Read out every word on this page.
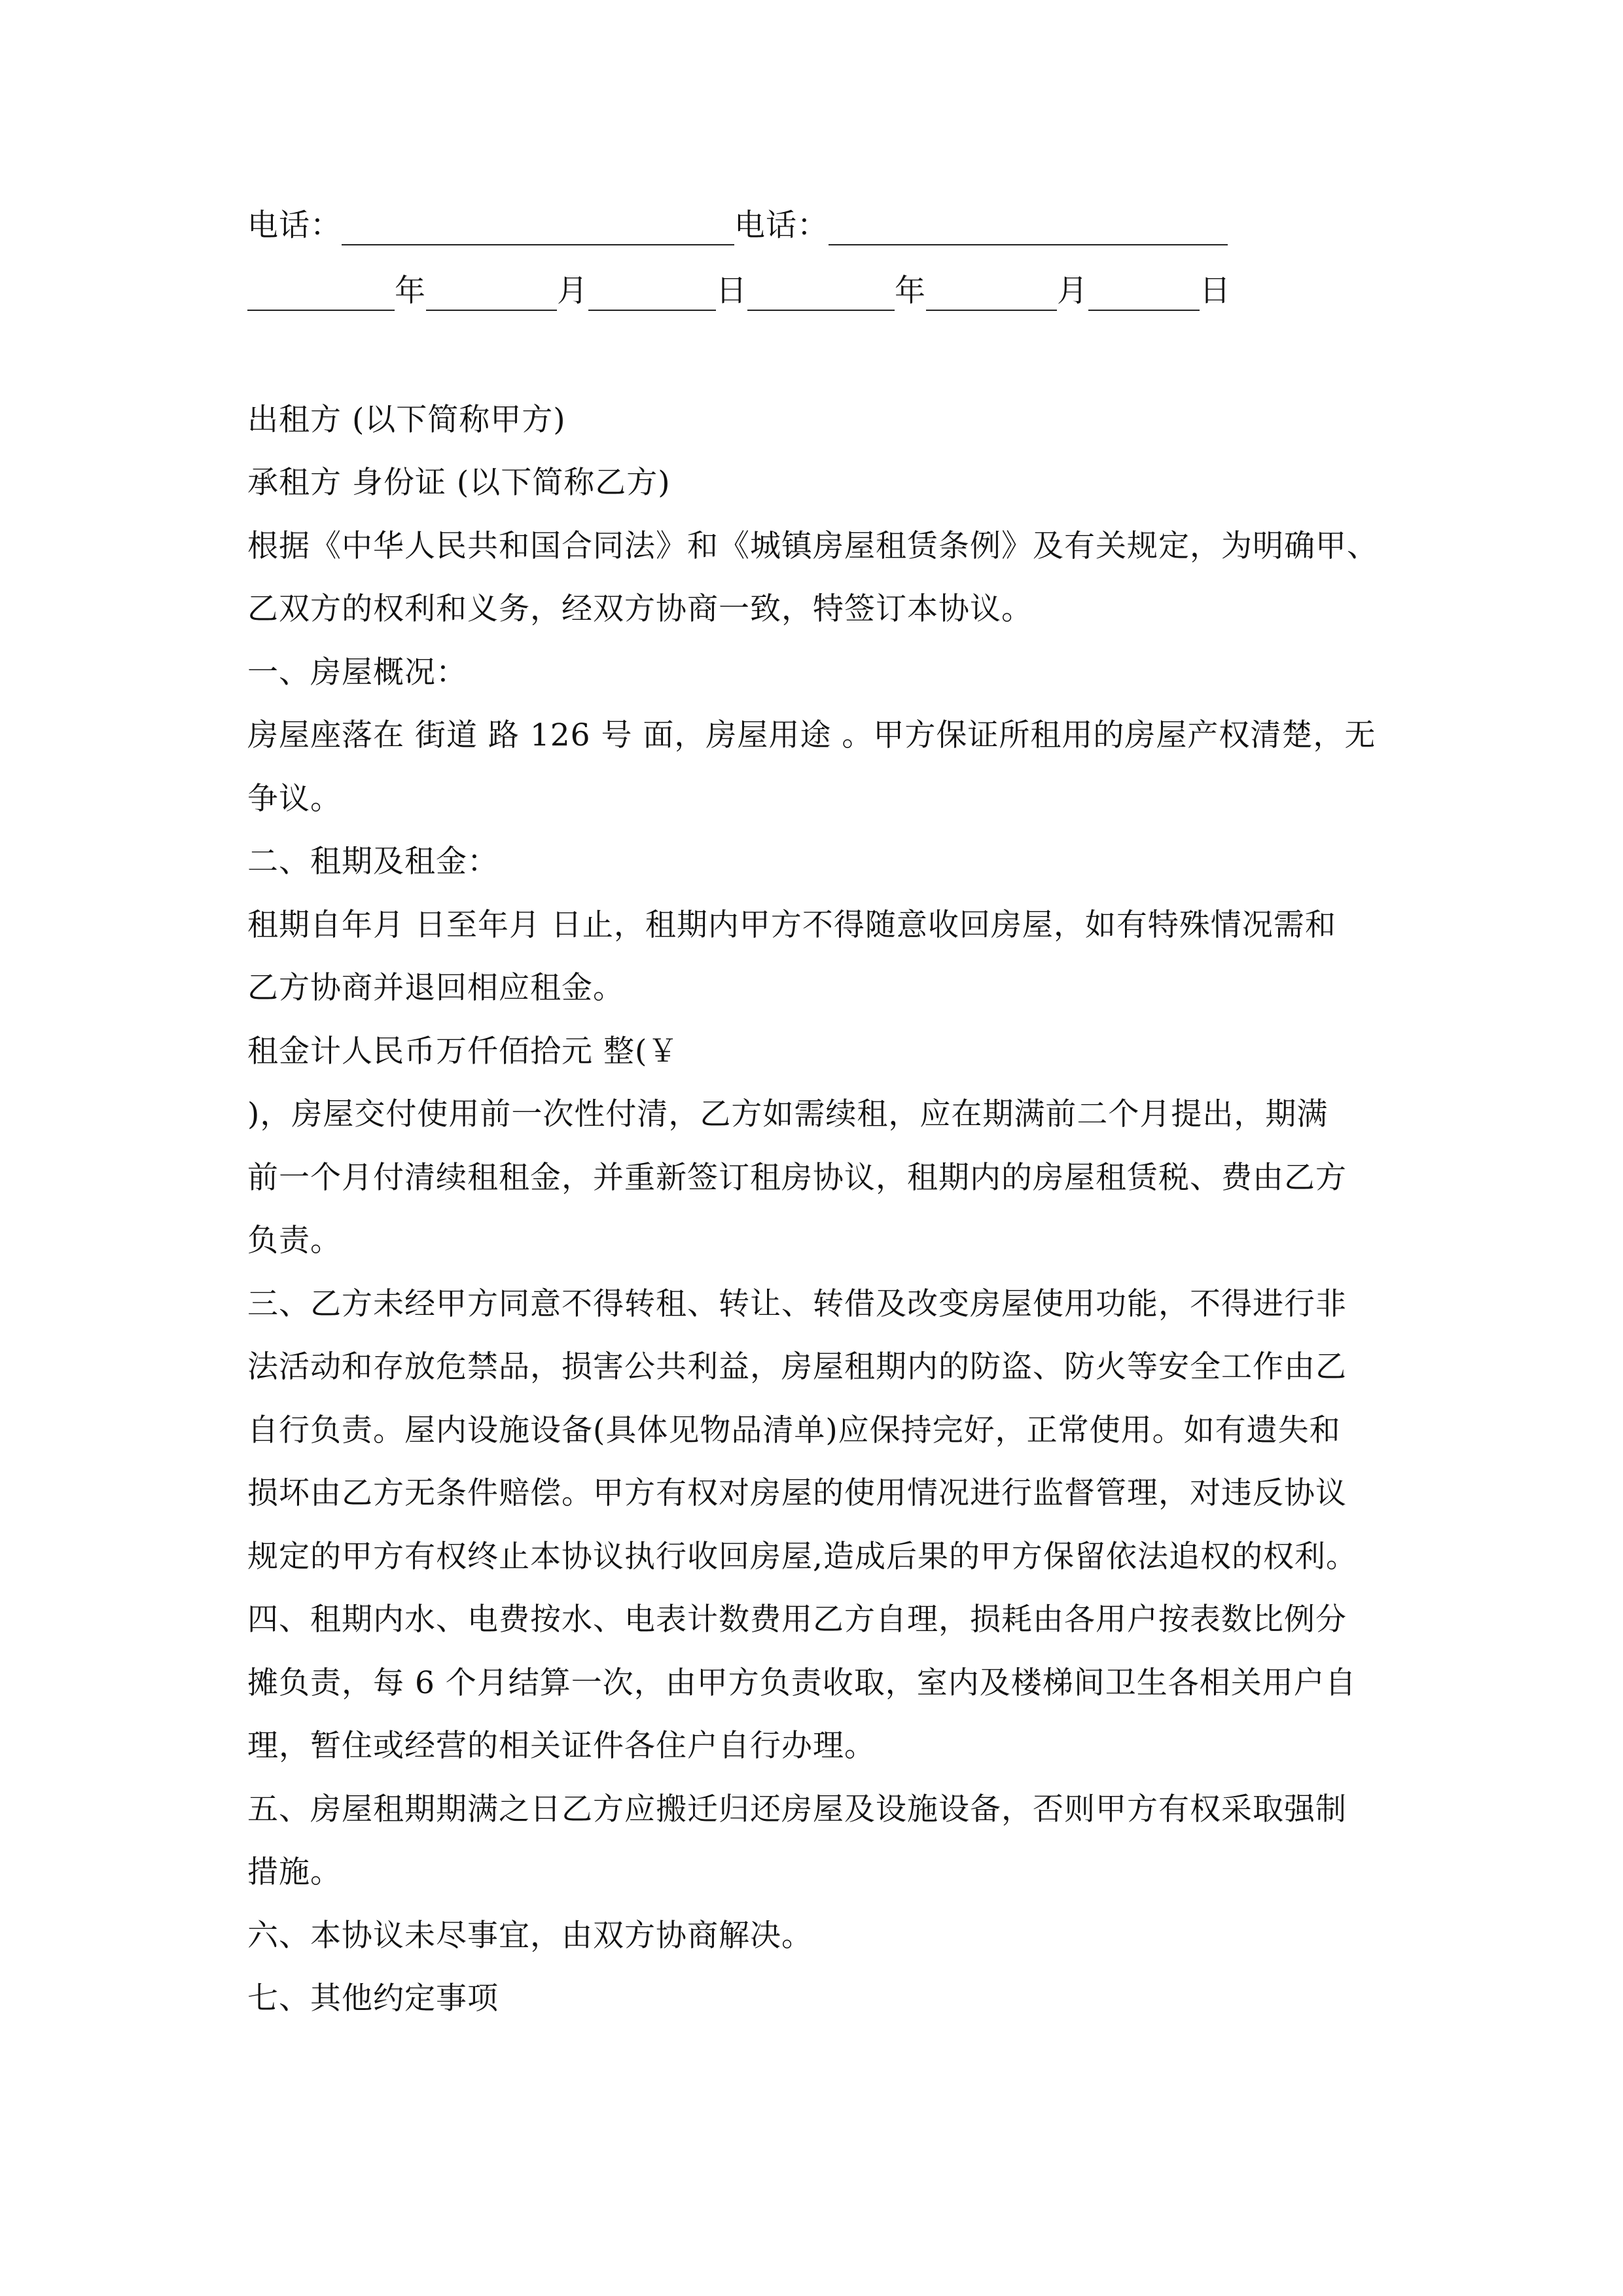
电话：	电话：
年	月	日	年	月	日
出租方 (以下简称甲方)
承租方 身份证 (以下简称乙方)
根据《中华人民共和国合同法》和《城镇房屋租赁条例》及有关规定，为明确甲、
乙双方的权利和义务，经双方协商一致，特签订本协议。
一、房屋概况：
房屋座落在 街道 路 126 号 面，房屋用途 。甲方保证所租用的房屋产权清楚，无
争议。
二、租期及租金：
租期自年月 日至年月 日止，租期内甲方不得随意收回房屋，如有特殊情况需和
乙方协商并退回相应租金。
租金计人民币万仟佰拾元 整(￥
)，房屋交付使用前一次性付清，乙方如需续租，应在期满前二个月提出，期满
前一个月付清续租租金，并重新签订租房协议，租期内的房屋租赁税、费由乙方
负责。
三、乙方未经甲方同意不得转租、转让、转借及改变房屋使用功能，不得进行非
法活动和存放危禁品，损害公共利益，房屋租期内的防盗、防火等安全工作由乙
自行负责。屋内设施设备(具体见物品清单)应保持完好，正常使用。如有遗失和
损坏由乙方无条件赔偿。甲方有权对房屋的使用情况进行监督管理，对违反协议
规定的甲方有权终止本协议执行收回房屋,造成后果的甲方保留依法追权的权利。
四、租期内水、电费按水、电表计数费用乙方自理，损耗由各用户按表数比例分
摊负责，每 6 个月结算一次，由甲方负责收取，室内及楼梯间卫生各相关用户自
理，暂住或经营的相关证件各住户自行办理。
五、房屋租期期满之日乙方应搬迁归还房屋及设施设备，否则甲方有权采取强制
措施。
六、本协议未尽事宜，由双方协商解决。
七、其他约定事项
